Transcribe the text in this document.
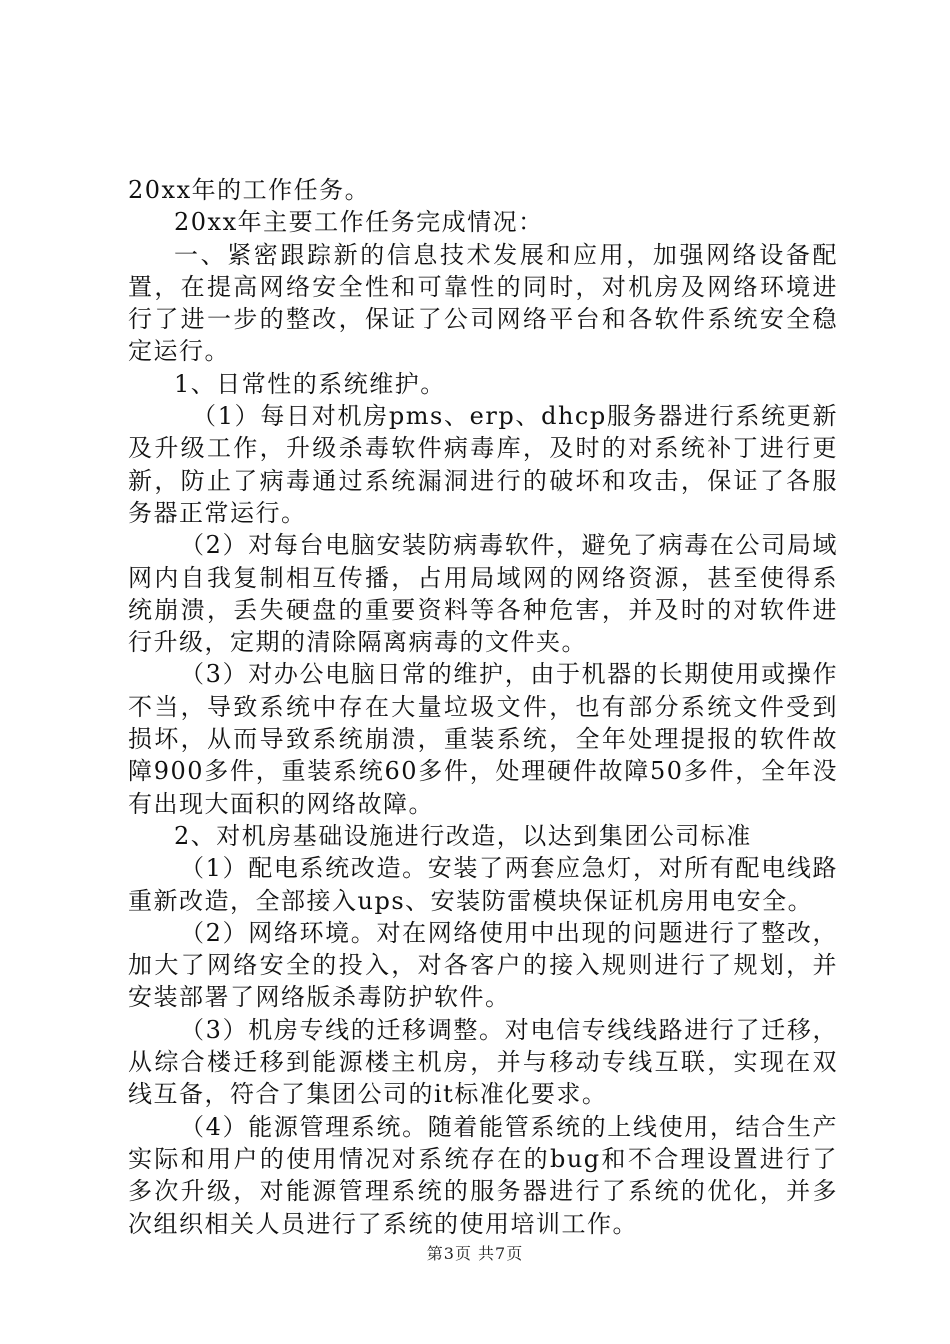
20xx年的工作任务。

20xx年主要工作任务完成情况：

一、紧密跟踪新的信息技术发展和应用，加强网络设备配置，在提高网络安全性和可靠性的同时，对机房及网络环境进行了进一步的整改，保证了公司网络平台和各软件系统安全稳定运行。

1、日常性的系统维护。

（1）每日对机房pms、erp、dhcp服务器进行系统更新及升级工作，升级杀毒软件病毒库，及时的对系统补丁进行更新，防止了病毒通过系统漏洞进行的破坏和攻击，保证了各服务器正常运行。

（2）对每台电脑安装防病毒软件，避免了病毒在公司局域网内自我复制相互传播，占用局域网的网络资源，甚至使得系统崩溃，丢失硬盘的重要资料等各种危害，并及时的对软件进行升级，定期的清除隔离病毒的文件夹。

（3）对办公电脑日常的维护，由于机器的长期使用或操作不当，导致系统中存在大量垃圾文件，也有部分系统文件受到损坏，从而导致系统崩溃，重装系统，全年处理提报的软件故障900多件，重装系统60多件，处理硬件故障50多件，全年没有出现大面积的网络故障。

2、对机房基础设施进行改造，以达到集团公司标准

（1）配电系统改造。安装了两套应急灯，对所有配电线路重新改造，全部接入ups、安装防雷模块保证机房用电安全。

（2）网络环境。对在网络使用中出现的问题进行了整改，加大了网络安全的投入，对各客户的接入规则进行了规划，并安装部署了网络版杀毒防护软件。

（3）机房专线的迁移调整。对电信专线线路进行了迁移，从综合楼迁移到能源楼主机房，并与移动专线互联，实现在双线互备，符合了集团公司的it标准化要求。

（4）能源管理系统。随着能管系统的上线使用，结合生产实际和用户的使用情况对系统存在的bug和不合理设置进行了多次升级，对能源管理系统的服务器进行了系统的优化，并多次组织相关人员进行了系统的使用培训工作。

第3页 共7页
